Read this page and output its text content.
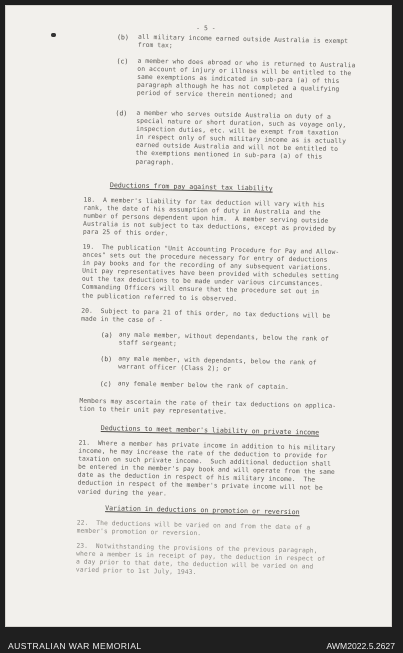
- 5 -
(b) all military income earned outside Australia is exempt
from tax;
(c) a member who does abroad or who is returned to Australia
on account of injury or illness will be entitled to the
same exemptions as indicated in sub-para (a) of this
paragraph although he has not completed a qualifying
period of service therein mentioned; and
(d) a member who serves outside Australia on duty of a
special nature or short duration, such as voyage only,
inspection duties, etc. will be exempt from taxation
in respect only of such military income as is actually
earned outside Australia and will not be entitled to
the exemptions mentioned in sub-para (a) of this
paragraph.
Deductions from pay against tax liability
18.  A member's liability for tax deduction will vary with his
rank, the date of his assumption of duty in Australia and the
number of persons dependent upon him.  A member serving outside
Australia is not subject to tax deductions, except as provided by
para 25 of this order.
19.  The publication "Unit Accounting Procedure for Pay and Allow-
ances" sets out the procedure necessary for entry of deductions
in pay books and for the recording of any subsequent variations.
Unit pay representatives have been provided with schedules setting
out the tax deductions to be made under various circumstances.
Commanding Officers will ensure that the procedure set out in
the publication referred to is observed.
20.  Subject to para 21 of this order, no tax deductions will be
made in the case of -
(a) any male member, without dependants, below the rank of
staff sergeant;
(b) any male member, with dependants, below the rank of
warrant officer (Class 2); or
(c) any female member below the rank of captain.
Members may ascertain the rate of their tax deductions on applica-
tion to their unit pay representative.
Deductions to meet member's liability on private income
21.  Where a member has private income in addition to his military
income, he may increase the rate of the deduction to provide for
taxation on such private income.  Such additional deduction shall
be entered in the member's pay book and will operate from the same
date as the deduction in respect of his military income.  The
deduction in respect of the member's private income will not be
varied during the year.
Variation in deductions on promotion or reversion
22.  The deductions will be varied on and from the date of a
member's promotion or reversion.
23.  Notwithstanding the provisions of the previous paragraph,
where a member is in receipt of pay, the deduction in respect of
a day prior to that date, the deduction will be varied on and
varied prior to 1st July, 1943.
AUSTRALIAN WAR MEMORIAL	AWM2022.5.2627
